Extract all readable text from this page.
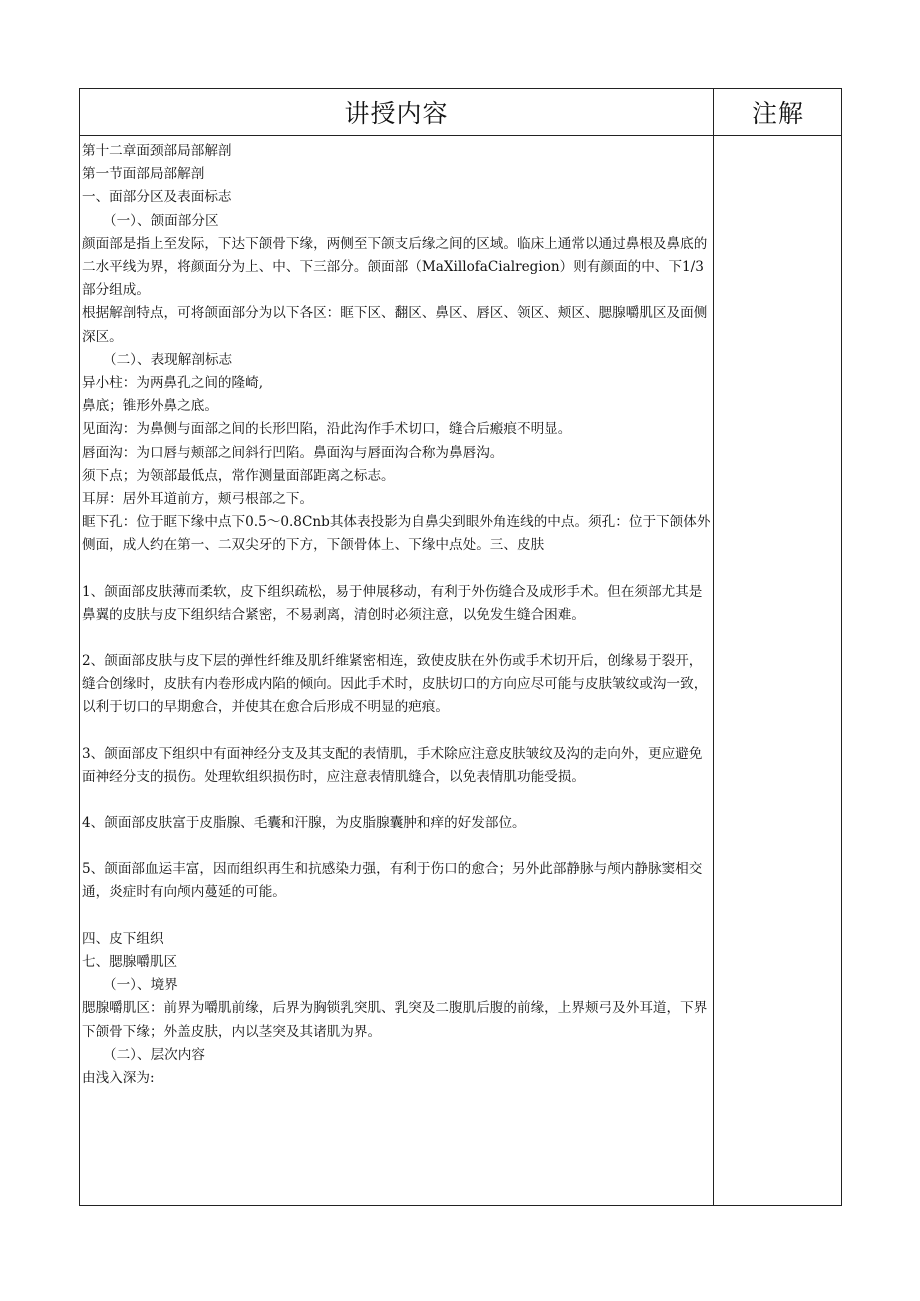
讲授内容	注解

第十二章面颈部局部解剖

第一节面部局部解剖

一、面部分区及表面标志

（一）、颌面部分区

颜面部是指上至发际，下达下颌骨下缘，两侧至下颌支后缘之间的区域。临床上通常以通过鼻根及鼻底的二水平线为界，将颜面分为上、中、下三部分。颌面部（MaXillofaCialregion）则有颜面的中、下1/3部分组成。

根据解剖特点，可将颌面部分为以下各区：眶下区、翻区、鼻区、唇区、领区、颊区、腮腺嚼肌区及面侧深区。

（二）、表现解剖标志

异小柱：为两鼻孔之间的隆崎,

鼻底；锥形外鼻之底。

见面沟：为鼻侧与面部之间的长形凹陷，沿此沟作手术切口，缝合后瘢痕不明显。

唇面沟：为口唇与颊部之间斜行凹陷。鼻面沟与唇面沟合称为鼻唇沟。

须下点；为领部最低点，常作测量面部距离之标志。

耳屏：居外耳道前方，颊弓根部之下。

眶下孔：位于眶下缘中点下0.5～0.8Cnb其体表投影为自鼻尖到眼外角连线的中点。须孔：位于下颌体外侧面，成人约在第一、二双尖牙的下方，下颌骨体上、下缘中点处。三、皮肤

1、颌面部皮肤薄而柔软，皮下组织疏松，易于伸展移动，有利于外伤缝合及成形手术。但在须部尤其是鼻翼的皮肤与皮下组织结合紧密，不易剥离，清创时必须注意，以免发生缝合困难。

2、颌面部皮肤与皮下层的弹性纤维及肌纤维紧密相连，致使皮肤在外伤或手术切开后，创缘易于裂开，缝合创缘时，皮肤有内卷形成内陷的倾向。因此手术时，皮肤切口的方向应尽可能与皮肤皱纹或沟一致，以利于切口的早期愈合，并使其在愈合后形成不明显的疤痕。

3、颌面部皮下组织中有面神经分支及其支配的表情肌，手术除应注意皮肤皱纹及沟的走向外，更应避免面神经分支的损伤。处理软组织损伤时，应注意表情肌缝合，以免表情肌功能受损。

4、颌面部皮肤富于皮脂腺、毛囊和汗腺，为皮脂腺囊肿和痒的好发部位。

5、颌面部血运丰富，因而组织再生和抗感染力强，有利于伤口的愈合；另外此部静脉与颅内静脉窦相交通，炎症时有向颅内蔓延的可能。

四、皮下组织

七、腮腺嚼肌区

（一）、境界

腮腺嚼肌区：前界为嚼肌前缘，后界为胸锁乳突肌、乳突及二腹肌后腹的前缘，上界颊弓及外耳道，下界下颌骨下缘；外盖皮肤，内以茎突及其诸肌为界。

（二）、层次内容

由浅入深为:
